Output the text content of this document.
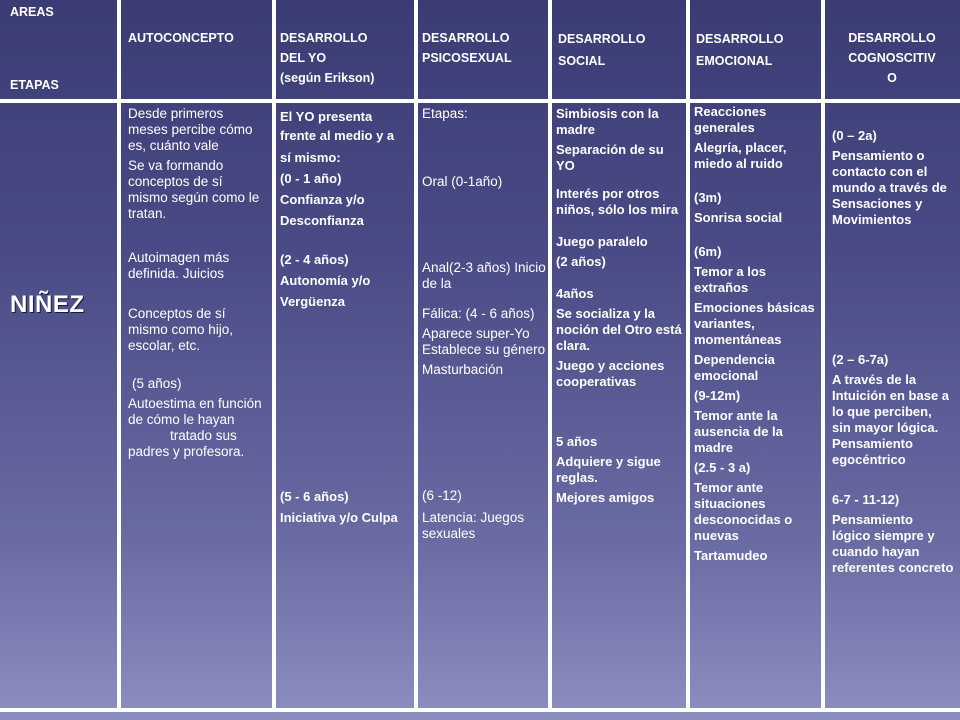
AREAS
ETAPAS
AUTOCONCEPTO	DESARROLLO
DEL YO
(según Erikson)
DESARROLLO
PSICOSEXUAL
DESARROLLO
SOCIAL
DESARROLLO
EMOCIONAL
DESARROLLO
COGNOSCITIV
O
NIÑEZ
Desde primeros meses percibe cómo es, cuánto vale
Se va formando conceptos de sí mismo según como le tratan.
Autoimagen más definida. Juicios
Conceptos de sí mismo como hijo, escolar, etc.
(5 años)
Autoestima en función de cómo le hayan
tratado sus padres y profesora.
El YO presenta
frente al medio y a
sí mismo:
(0 - 1 año)
Confianza y/o
Desconfianza
(2 - 4 años)
Autonomía y/o
Vergüenza
(5 - 6 años)
Iniciativa y/o Culpa
Etapas:
Oral (0-1año)
Anal(2-3 años) Inicio de la
Fálica: (4 - 6 años)
Aparece super-Yo Establece su género
Masturbación
(6 -12)
Latencia: Juegos sexuales
Simbiosis con la madre
Separación de su YO
Interés por otros niños, sólo los mira
Juego paralelo
(2 años)
4años
Se socializa y la noción del Otro está clara.
Juego y acciones cooperativas
5 años
Adquiere y sigue reglas.
Mejores amigos
Reacciones generales
Alegría, placer, miedo al ruido
(3m)
Sonrisa social
(6m)
Temor a los extraños
Emociones básicas variantes, momentáneas
Dependencia emocional
(9-12m)
Temor ante la ausencia de la madre
(2.5 - 3 a)
Temor ante situaciones desconocidas o nuevas
Tartamudeo
(0 – 2a)
Pensamiento o contacto con el mundo a través de Sensaciones y Movimientos
(2 – 6-7a)
A través de la Intuición en base a lo que perciben, sin mayor lógica. Pensamiento egocéntrico
6-7 - 11-12)
Pensamiento lógico siempre y cuando hayan referentes concreto
